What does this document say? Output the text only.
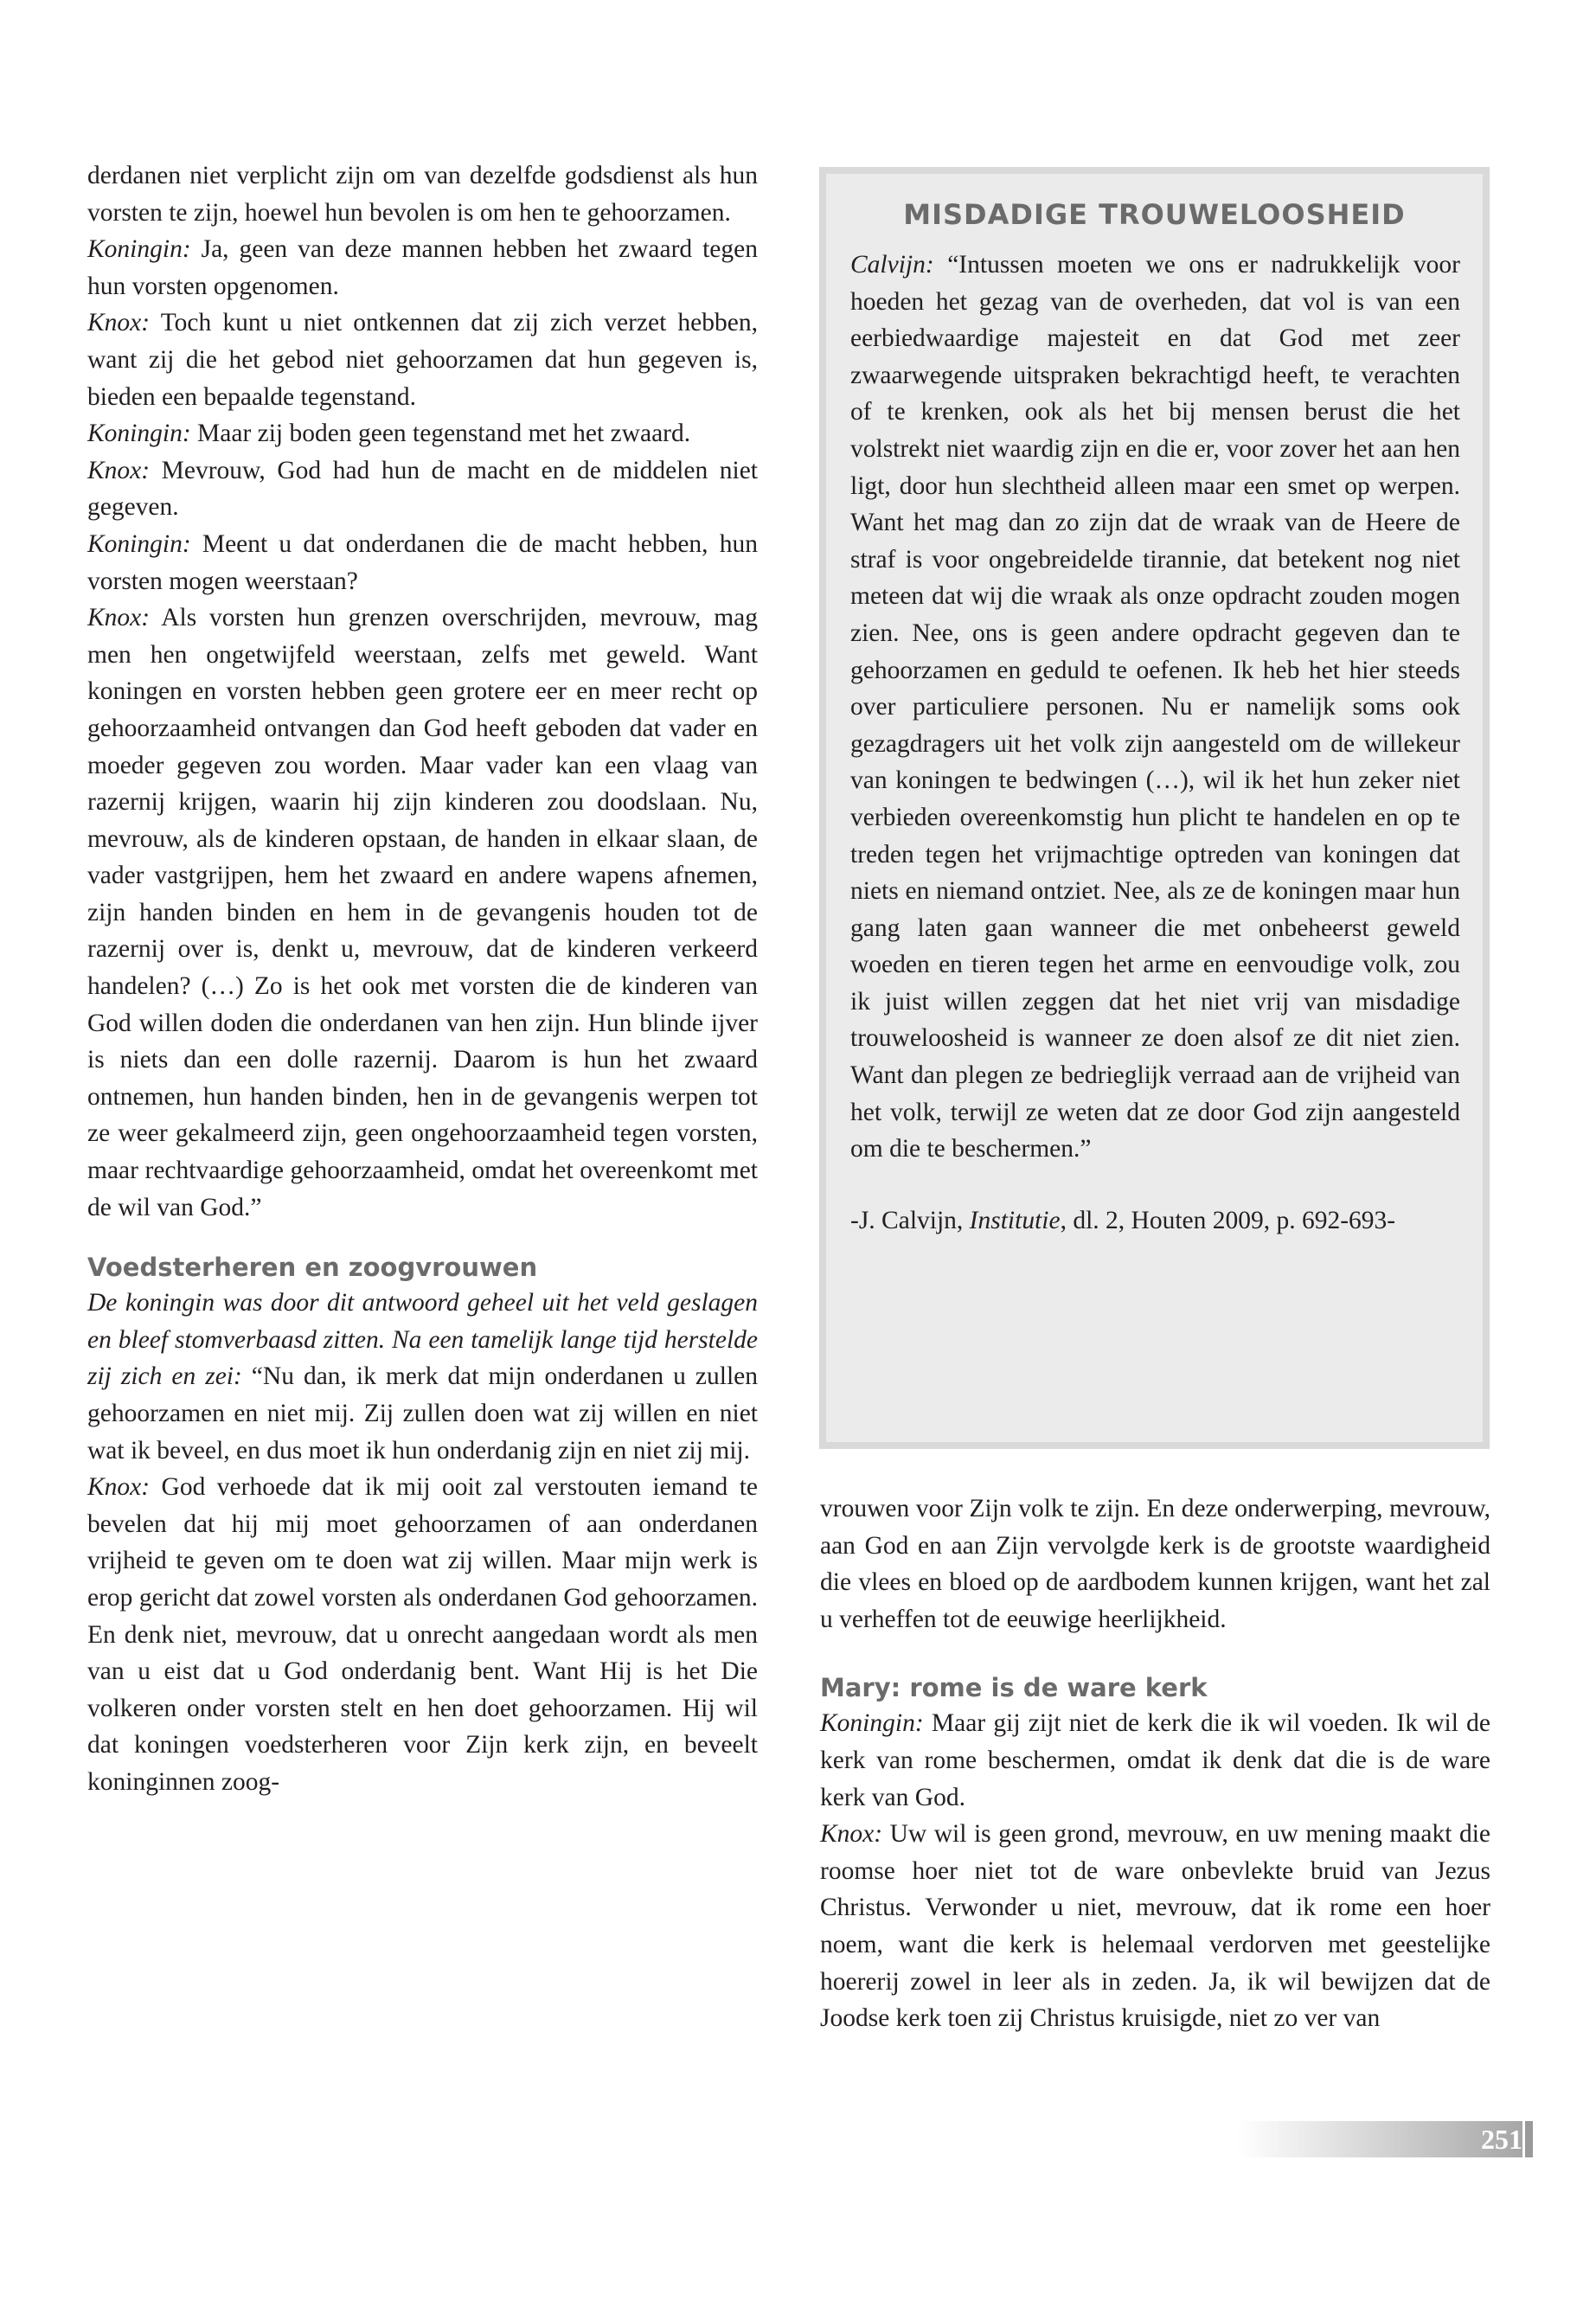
derdanen niet verplicht zijn om van dezelfde godsdienst als hun vorsten te zijn, hoewel hun bevolen is om hen te gehoorzamen.

Koningin: Ja, geen van deze mannen hebben het zwaard tegen hun vorsten opgenomen.

Knox: Toch kunt u niet ontkennen dat zij zich verzet hebben, want zij die het gebod niet gehoorzamen dat hun gegeven is, bieden een bepaalde tegenstand.

Koningin: Maar zij boden geen tegenstand met het zwaard.

Knox: Mevrouw, God had hun de macht en de middelen niet gegeven.

Koningin: Meent u dat onderdanen die de macht hebben, hun vorsten mogen weerstaan?

Knox: Als vorsten hun grenzen overschrijden, mevrouw, mag men hen ongetwijfeld weerstaan, zelfs met geweld. Want koningen en vorsten hebben geen grotere eer en meer recht op gehoorzaamheid ontvangen dan God heeft geboden dat vader en moeder gegeven zou worden. Maar vader kan een vlaag van razernij krijgen, waarin hij zijn kinderen zou doodslaan. Nu, mevrouw, als de kinderen opstaan, de handen in elkaar slaan, de vader vastgrijpen, hem het zwaard en andere wapens afnemen, zijn handen binden en hem in de gevangenis houden tot de razernij over is, denkt u, mevrouw, dat de kinderen verkeerd handelen? (…) Zo is het ook met vorsten die de kinderen van God willen doden die onderdanen van hen zijn. Hun blinde ijver is niets dan een dolle razernij. Daarom is hun het zwaard ontnemen, hun handen binden, hen in de gevangenis werpen tot ze weer gekalmeerd zijn, geen ongehoorzaamheid tegen vorsten, maar rechtvaardige gehoorzaamheid, omdat het overeenkomt met de wil van God.”

Voedsterheren en zoogvrouwen

De koningin was door dit antwoord geheel uit het veld geslagen en bleef stomverbaasd zitten. Na een tamelijk lange tijd herstelde zij zich en zei: “Nu dan, ik merk dat mijn onderdanen u zullen gehoorzamen en niet mij. Zij zullen doen wat zij willen en niet wat ik beveel, en dus moet ik hun onderdanig zijn en niet zij mij.

Knox: God verhoede dat ik mij ooit zal verstouten iemand te bevelen dat hij mij moet gehoorzamen of aan onderdanen vrijheid te geven om te doen wat zij willen. Maar mijn werk is erop gericht dat zowel vorsten als onderdanen God gehoorzamen. En denk niet, mevrouw, dat u onrecht aangedaan wordt als men van u eist dat u God onderdanig bent. Want Hij is het Die volkeren onder vorsten stelt en hen doet gehoorzamen. Hij wil dat koningen voedsterheren voor Zijn kerk zijn, en beveelt koninginnen zoog-

MISDADIGE TROUWELOOSHEID

Calvijn: “Intussen moeten we ons er nadrukkelijk voor hoeden het gezag van de overheden, dat vol is van een eerbiedwaardige majesteit en dat God met zeer zwaarwegende uitspraken bekrachtigd heeft, te verachten of te krenken, ook als het bij mensen berust die het volstrekt niet waardig zijn en die er, voor zover het aan hen ligt, door hun slechtheid alleen maar een smet op werpen. Want het mag dan zo zijn dat de wraak van de Heere de straf is voor ongebreidelde tirannie, dat betekent nog niet meteen dat wij die wraak als onze opdracht zouden mogen zien. Nee, ons is geen andere opdracht gegeven dan te gehoorzamen en geduld te oefenen. Ik heb het hier steeds over particuliere personen. Nu er namelijk soms ook gezagdragers uit het volk zijn aangesteld om de willekeur van koningen te bedwingen (…), wil ik het hun zeker niet verbieden overeenkomstig hun plicht te handelen en op te treden tegen het vrijmachtige optreden van koningen dat niets en niemand ontziet. Nee, als ze de koningen maar hun gang laten gaan wanneer die met onbeheerst geweld woeden en tieren tegen het arme en eenvoudige volk, zou ik juist willen zeggen dat het niet vrij van misdadige trouweloosheid is wanneer ze doen alsof ze dit niet zien. Want dan plegen ze bedrieglijk verraad aan de vrijheid van het volk, terwijl ze weten dat ze door God zijn aangesteld om die te beschermen.”

-J. Calvijn, Institutie, dl. 2, Houten 2009, p. 692-693-

vrouwen voor Zijn volk te zijn. En deze onderwerping, mevrouw, aan God en aan Zijn vervolgde kerk is de grootste waardigheid die vlees en bloed op de aardbodem kunnen krijgen, want het zal u verheffen tot de eeuwige heerlijkheid.

Mary: rome is de ware kerk

Koningin: Maar gij zijt niet de kerk die ik wil voeden. Ik wil de kerk van rome beschermen, omdat ik denk dat die is de ware kerk van God.

Knox: Uw wil is geen grond, mevrouw, en uw mening maakt die roomse hoer niet tot de ware onbevlekte bruid van Jezus Christus. Verwonder u niet, mevrouw, dat ik rome een hoer noem, want die kerk is helemaal verdorven met geestelijke hoererij zowel in leer als in zeden. Ja, ik wil bewijzen dat de Joodse kerk toen zij Christus kruisigde, niet zo ver van

251
